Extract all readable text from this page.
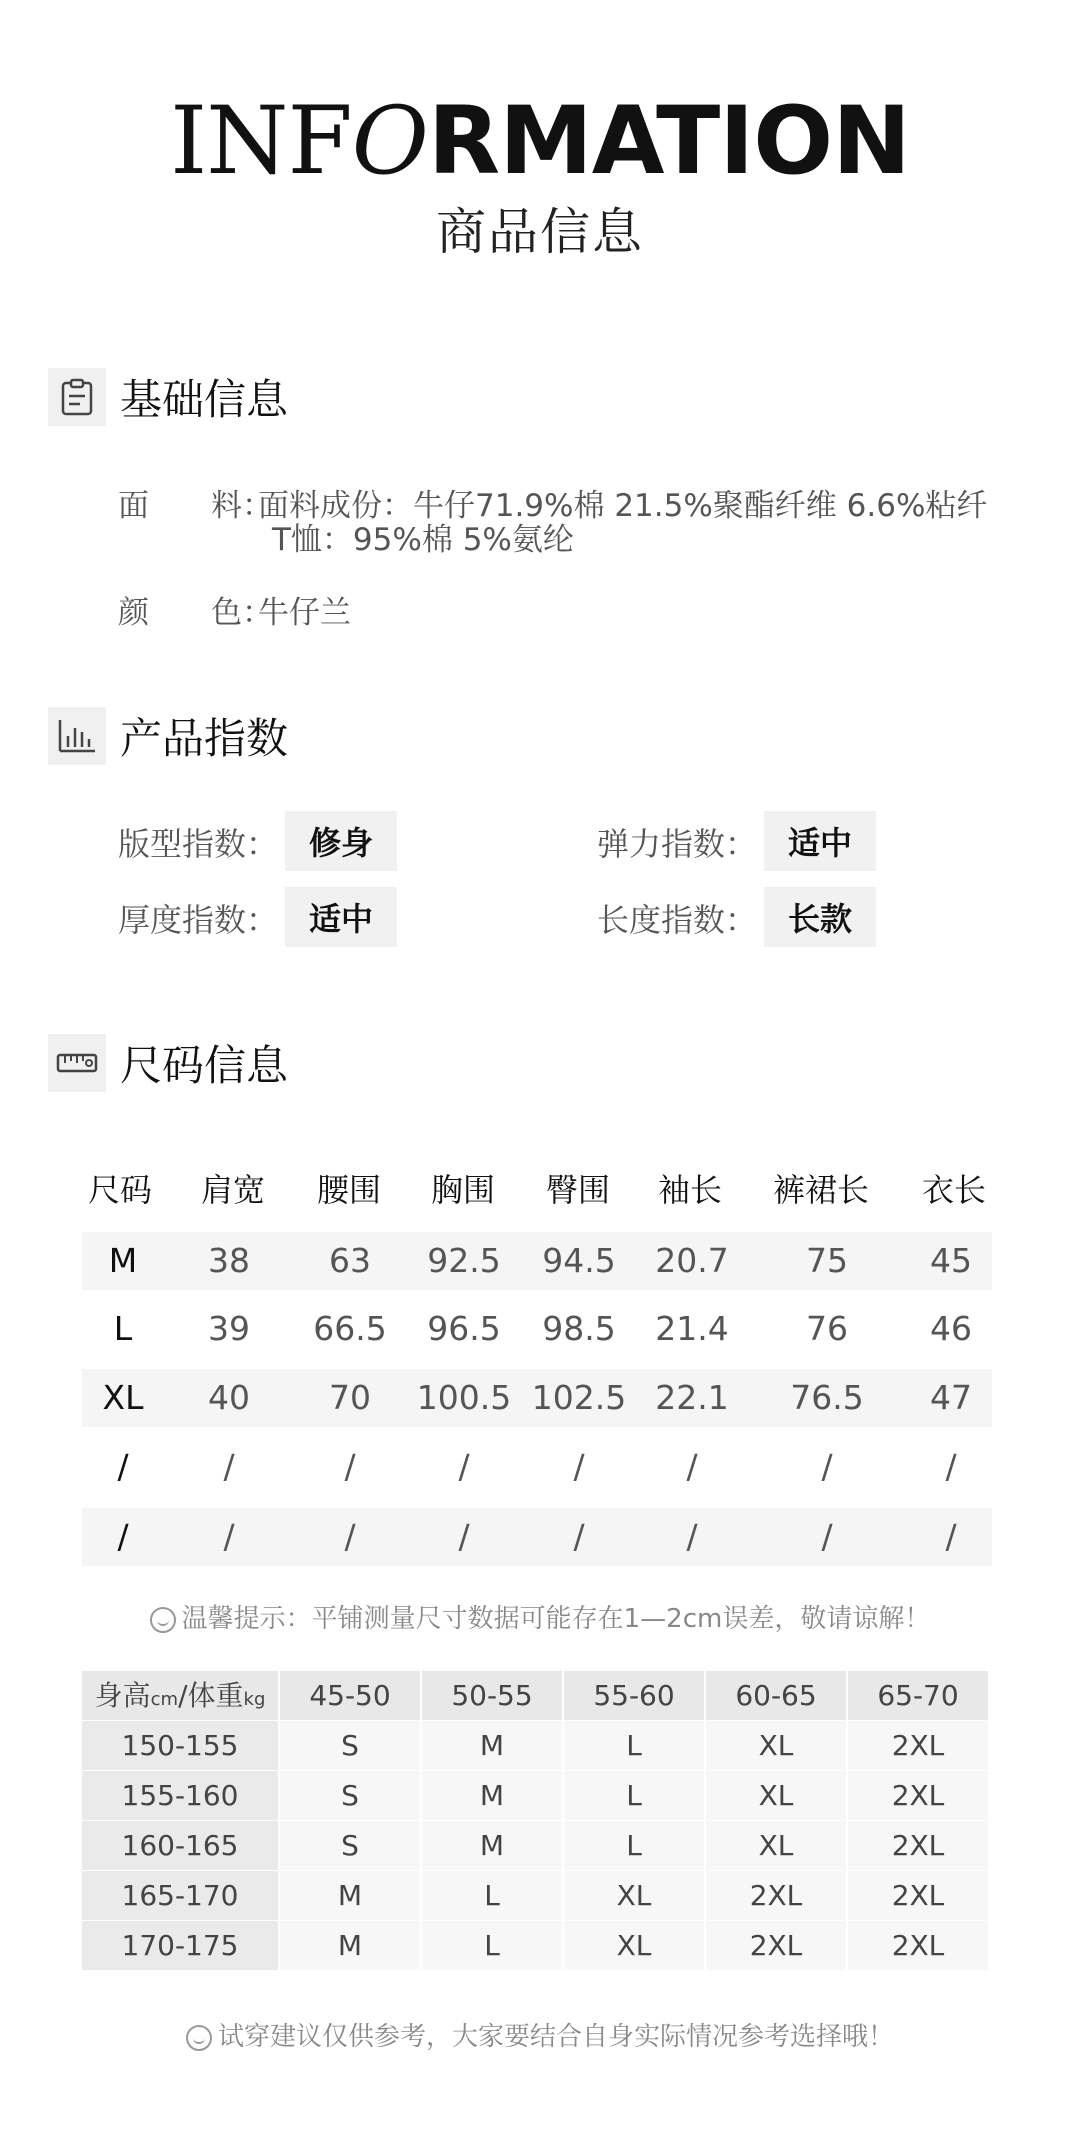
INFORMATION
商品信息
基础信息
面　　料：面料成份：牛仔71.9%棉 21.5%聚酯纤维 6.6%粘纤
T恤：95%棉 5%氨纶
颜　　色：牛仔兰
产品指数
版型指数： 修身	弹力指数： 适中
厚度指数： 适中	长度指数： 长款
尺码信息
尺码 肩宽 腰围 胸围 臀围 袖长 裤裙长 衣长
M 38 63 92.5 94.5 20.7 75 45
L 39 66.5 96.5 98.5 21.4 76 46
XL 40 70 100.5 102.5 22.1 76.5 47
/	/	/	/	/	/	/	/
/	/	/	/	/	/	/	/
温馨提示：平铺测量尺寸数据可能存在1—2cm误差，敬请谅解！
身高cm/体重kg	45-50	50-55	55-60	60-65	65-70
150-155	S	M	L	XL	2XL
155-160	S	M	L	XL	2XL
160-165	S	M	L	XL	2XL
165-170	M	L	XL	2XL	2XL
170-175	M	L	XL	2XL	2XL
试穿建议仅供参考，大家要结合自身实际情况参考选择哦！
